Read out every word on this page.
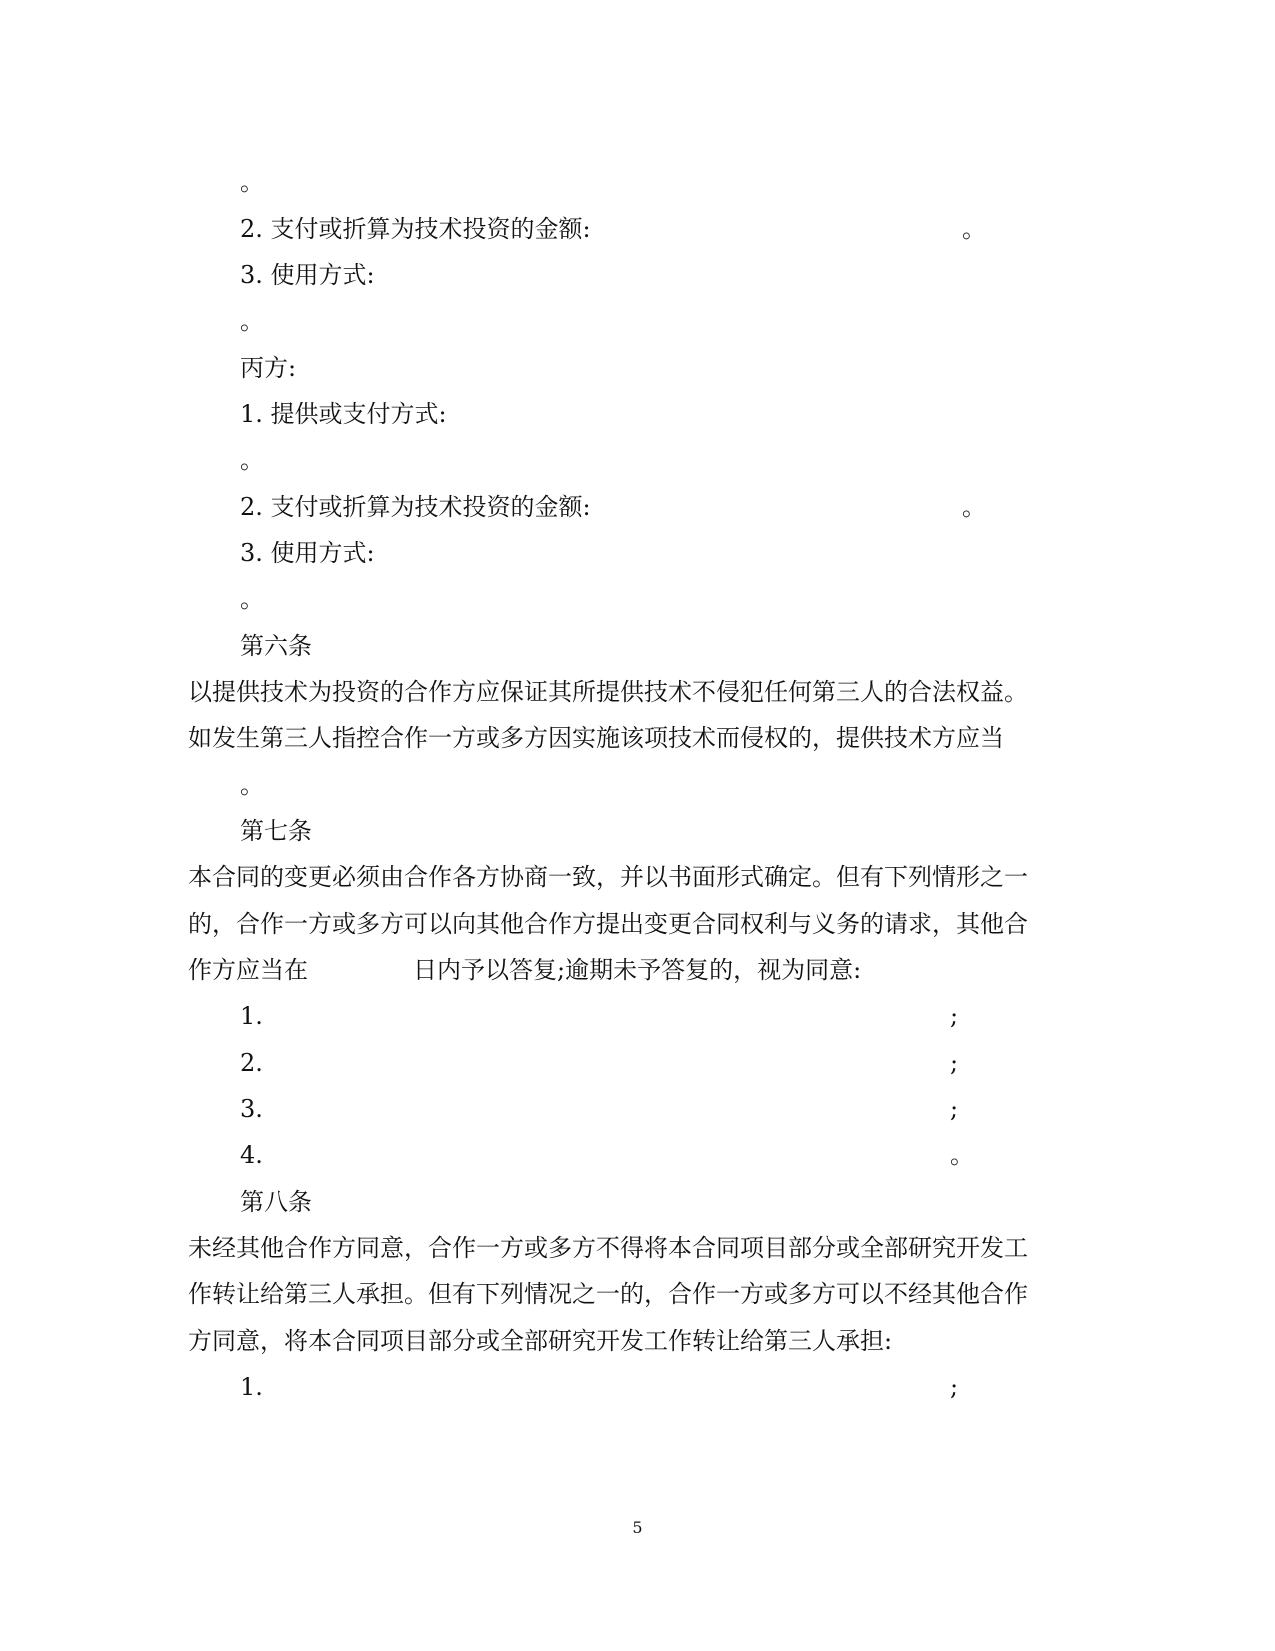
。
2. 支付或折算为技术投资的金额:	。
3. 使用方式:
。
丙方:
1. 提供或支付方式:
。
2. 支付或折算为技术投资的金额:	。
3. 使用方式:
。
第六条
以提供技术为投资的合作方应保证其所提供技术不侵犯任何第三人的合法权益。
如发生第三人指控合作一方或多方因实施该项技术而侵权的，提供技术方应当
。
第七条
本合同的变更必须由合作各方协商一致，并以书面形式确定。但有下列情形之一
的，合作一方或多方可以向其他合作方提出变更合同权利与义务的请求，其他合
作方应当在	日内予以答复;逾期未予答复的，视为同意:
1.	;
2.	;
3.	;
4.	。
第八条
未经其他合作方同意，合作一方或多方不得将本合同项目部分或全部研究开发工
作转让给第三人承担。但有下列情况之一的，合作一方或多方可以不经其他合作
方同意，将本合同项目部分或全部研究开发工作转让给第三人承担:
1.	;
5
